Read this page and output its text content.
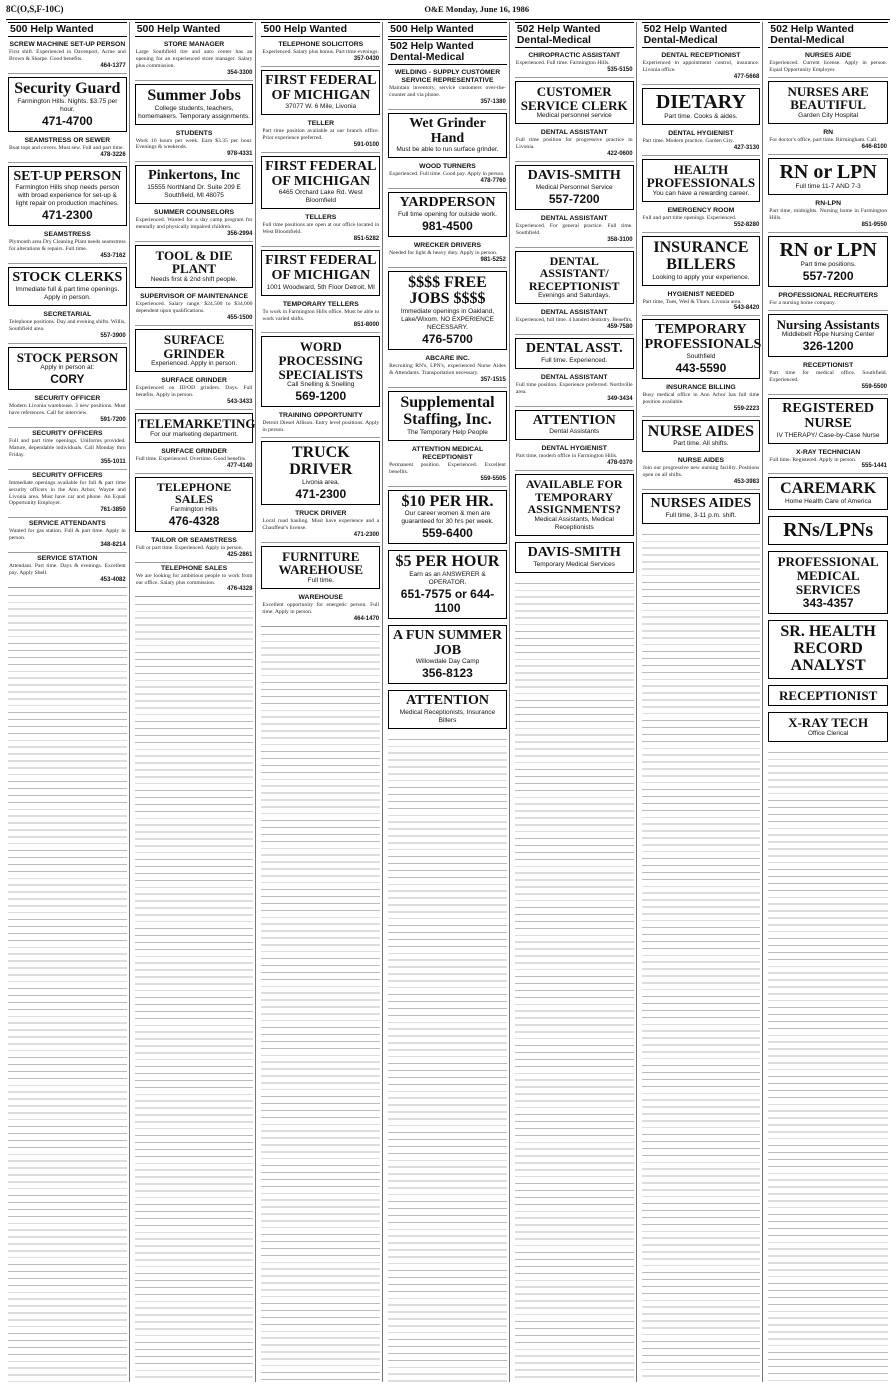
8C(O,S,F-10C)	O&E Monday, June 16, 1986
500 Help Wanted
SCREW MACHINE SET-UP PERSON
First shift. Experienced in Davenport, Acme and Brown & Sharpe. Good benefits.
464-1377
Security Guard
Farmington Hills. Nights. $3.75 per hour.
471-4700
SEAMSTRESS OR SEWER
Boat tops and covers. Must sew. Full and part time.
478-3226
SET-UP PERSON
Farmington Hills shop needs person with broad experience for set-up & light repair on production machines.
471-2300
SEAMSTRESS
Plymouth area Dry Cleaning Plant needs seamstress for alterations & repairs. Full time.
453-7162
STOCK CLERKS
Immediate full & part time openings. Apply in person.
SECRETARIAL
Telephone positions. Day and evening shifts. Willis, Southfield area.
557-3900
STOCK PERSON
Apply in person at:
CORY
SECURITY OFFICER
Modern Livonia warehouse. 3 new positions. Must have references. Call for interview.
591-7200
SECURITY OFFICERS
Full and part time openings. Uniforms provided. Mature, dependable individuals. Call Monday thru Friday.
355-1011
SECURITY OFFICERS
Immediate openings available for full & part time security officers in the Ann Arbor, Wayne and Livonia area. Must have car and phone. An Equal Opportunity Employer.
761-3850
SERVICE ATTENDANTS
Wanted for gas station. Full & part time. Apply in person.
348-8214
SERVICE STATION
Attendant. Part time. Days & evenings. Excellent pay. Apply Shell.
453-4082
500 Help Wanted
STORE MANAGER
Large Southfield tire and auto center has an opening for an experienced store manager. Salary plus commission.
354-3300
Summer Jobs
College students, teachers, homemakers. Temporary assignments.
STUDENTS
Work 16 hours per week. Earn $3.35 per hour. Evenings & weekends.
978-4331
Pinkertons, Inc
15555 Northland Dr. Suite 209 E Southfield, MI 48075
SUMMER COUNSELORS
Experienced. Wanted for a day camp program for mentally and physically impaired children.
356-2994
TOOL & DIE PLANT
Needs first & 2nd shift people.
SUPERVISOR OF MAINTENANCE
Experienced. Salary range. $24,500 to $34,000 dependent upon qualifications.
455-1500
SURFACE GRINDER
Experienced. Apply in person.
SURFACE GRINDER
Experienced on ID/OD grinders. Days. Full benefits. Apply in person.
543-3433
TELEMARKETING
For our marketing department.
SURFACE GRINDER
Full time. Experienced. Overtime. Good benefits.
477-4140
TELEPHONE SALES
Farmington Hills
476-4328
TAILOR OR SEAMSTRESS
Full or part time. Experienced. Apply in person.
425-2861
TELEPHONE SALES
We are looking for ambitious people to work from our office. Salary plus commission.
476-4328
500 Help Wanted
TELEPHONE SOLICITORS
Experienced. Salary plus bonus. Part time evenings.
357-0430
FIRST FEDERAL OF MICHIGAN
37077 W. 6 Mile, Livonia
TELLER
Part time position available at our branch office. Prior experience preferred.
591-0100
FIRST FEDERAL OF MICHIGAN
6465 Orchard Lake Rd. West Bloomfield
TELLERS
Full time positions are open at our office located in West Bloomfield.
851-5282
FIRST FEDERAL OF MICHIGAN
1001 Woodward, 5th Floor Detroit, MI
TEMPORARY TELLERS
To work in Farmington Hills office. Must be able to work varied shifts.
851-8000
WORD PROCESSING SPECIALISTS
Call Snelling & Snelling
569-1200
TRAINING OPPORTUNITY
Detroit Diesel Allison. Entry level positions. Apply in person.
TRUCK DRIVER
Livonia area.
471-2300
TRUCK DRIVER
Local road hauling. Must have experience and a Chauffeur's license.
471-2300
FURNITURE WAREHOUSE
Full time.
WAREHOUSE
Excellent opportunity for energetic person. Full time. Apply in person.
464-1470
500 Help Wanted
502 Help Wanted Dental-Medical
WELDING - SUPPLY CUSTOMER SERVICE REPRESENTATIVE
Maintain inventory, service customers over-the-counter and via phone.
357-1380
Wet Grinder Hand
Must be able to run surface grinder.
WOOD TURNERS
Experienced. Full time. Good pay. Apply in person.
478-7760
YARDPERSON
Full time opening for outside work.
981-4500
WRECKER DRIVERS
Needed for light & heavy duty. Apply in person.
981-5252
$$$$ FREE JOBS $$$$
Immediate openings in Oakland, Lake/Wixom. NO EXPERIENCE NECESSARY.
476-5700
ABCARE INC.
Recruiting RN's, LPN's, experienced Nurse Aides & Attendants. Transportation necessary.
357-1515
Supplemental Staffing, Inc.
The Temporary Help People
ATTENTION MEDICAL RECEPTIONIST
Permanent position. Experienced. Excellent benefits.
559-5505
$10 PER HR.
Our career women & men are guaranteed for 30 hrs per week.
559-6400
$5 PER HOUR
Earn as an ANSWERER & OPERATOR.
651-7575 or 644-1100
A FUN SUMMER JOB
Willowdale Day Camp
356-8123
ATTENTION
Medical Receptionists, Insurance Billers
502 Help Wanted Dental-Medical
CHIROPRACTIC ASSISTANT
Experienced. Full time. Farmington Hills.
535-5150
CUSTOMER SERVICE CLERK
Medical personnel service
DENTAL ASSISTANT
Full time position for progressive practice in Livonia.
422-0600
DAVIS-SMITH
Medical Personnel Service
557-7200
DENTAL ASSISTANT
Experienced. For general practice. Full time. Southfield.
358-3100
DENTAL ASSISTANT/ RECEPTIONIST
Evenings and Saturdays.
DENTAL ASSISTANT
Experienced, full time. 4 handed dentistry. Benefits.
459-7580
DENTAL ASST.
Full time. Experienced.
DENTAL ASSISTANT
Full time position. Experience preferred. Northville area.
349-3434
ATTENTION
Dental Assistants
DENTAL HYGIENIST
Part time, modern office in Farmington Hills.
478-0370
AVAILABLE FOR TEMPORARY ASSIGNMENTS?
Medical Assistants, Medical Receptionists
DAVIS-SMITH
Temporary Medical Services
502 Help Wanted Dental-Medical
DENTAL RECEPTIONIST
Experienced in appointment control, insurance. Livonia office.
477-5668
DIETARY
Part time. Cooks & aides.
DENTAL HYGIENIST
Part time. Modern practice. Garden City.
427-3130
HEALTH PROFESSIONALS
You can have a rewarding career.
EMERGENCY ROOM
Full and part time openings. Experienced.
552-8280
INSURANCE BILLERS
Looking to apply your experience.
HYGIENIST NEEDED
Part time, Tues, Wed & Thurs. Livonia area.
543-8420
TEMPORARY PROFESSIONALS
Southfield
443-5590
INSURANCE BILLING
Busy medical office in Ann Arbor has full time position available.
559-2223
NURSE AIDES
Part time. All shifts.
NURSE AIDES
Join our progressive new nursing facility. Positions open on all shifts.
453-3983
NURSES AIDES
Full time, 3-11 p.m. shift.
502 Help Wanted Dental-Medical
NURSES AIDE
Experienced. Current license. Apply in person. Equal Opportunity Employer.
NURSES ARE BEAUTIFUL
Garden City Hospital
RN
For doctor's office, part time. Birmingham. Call.
646-8100
RN or LPN
Full time 11-7 AND 7-3
RN-LPN
Part time, midnights. Nursing home in Farmington Hills.
851-9550
RN or LPN
Part time positions.
557-7200
PROFESSIONAL RECRUITERS
For a nursing home company.
Nursing Assistants
Middlebelt Hope Nursing Center
326-1200
RECEPTIONIST
Part time for medical office. Southfield. Experienced.
559-5500
REGISTERED NURSE
IV THERAPY/ Case-by-Case Nurse
X-RAY TECHNICIAN
Full time. Registered. Apply in person.
555-1441
CAREMARK
Home Health Care of America
RNs/LPNs
PROFESSIONAL MEDICAL SERVICES
343-4357
SR. HEALTH RECORD ANALYST
RECEPTIONIST
X-RAY TECH
Office Clerical
